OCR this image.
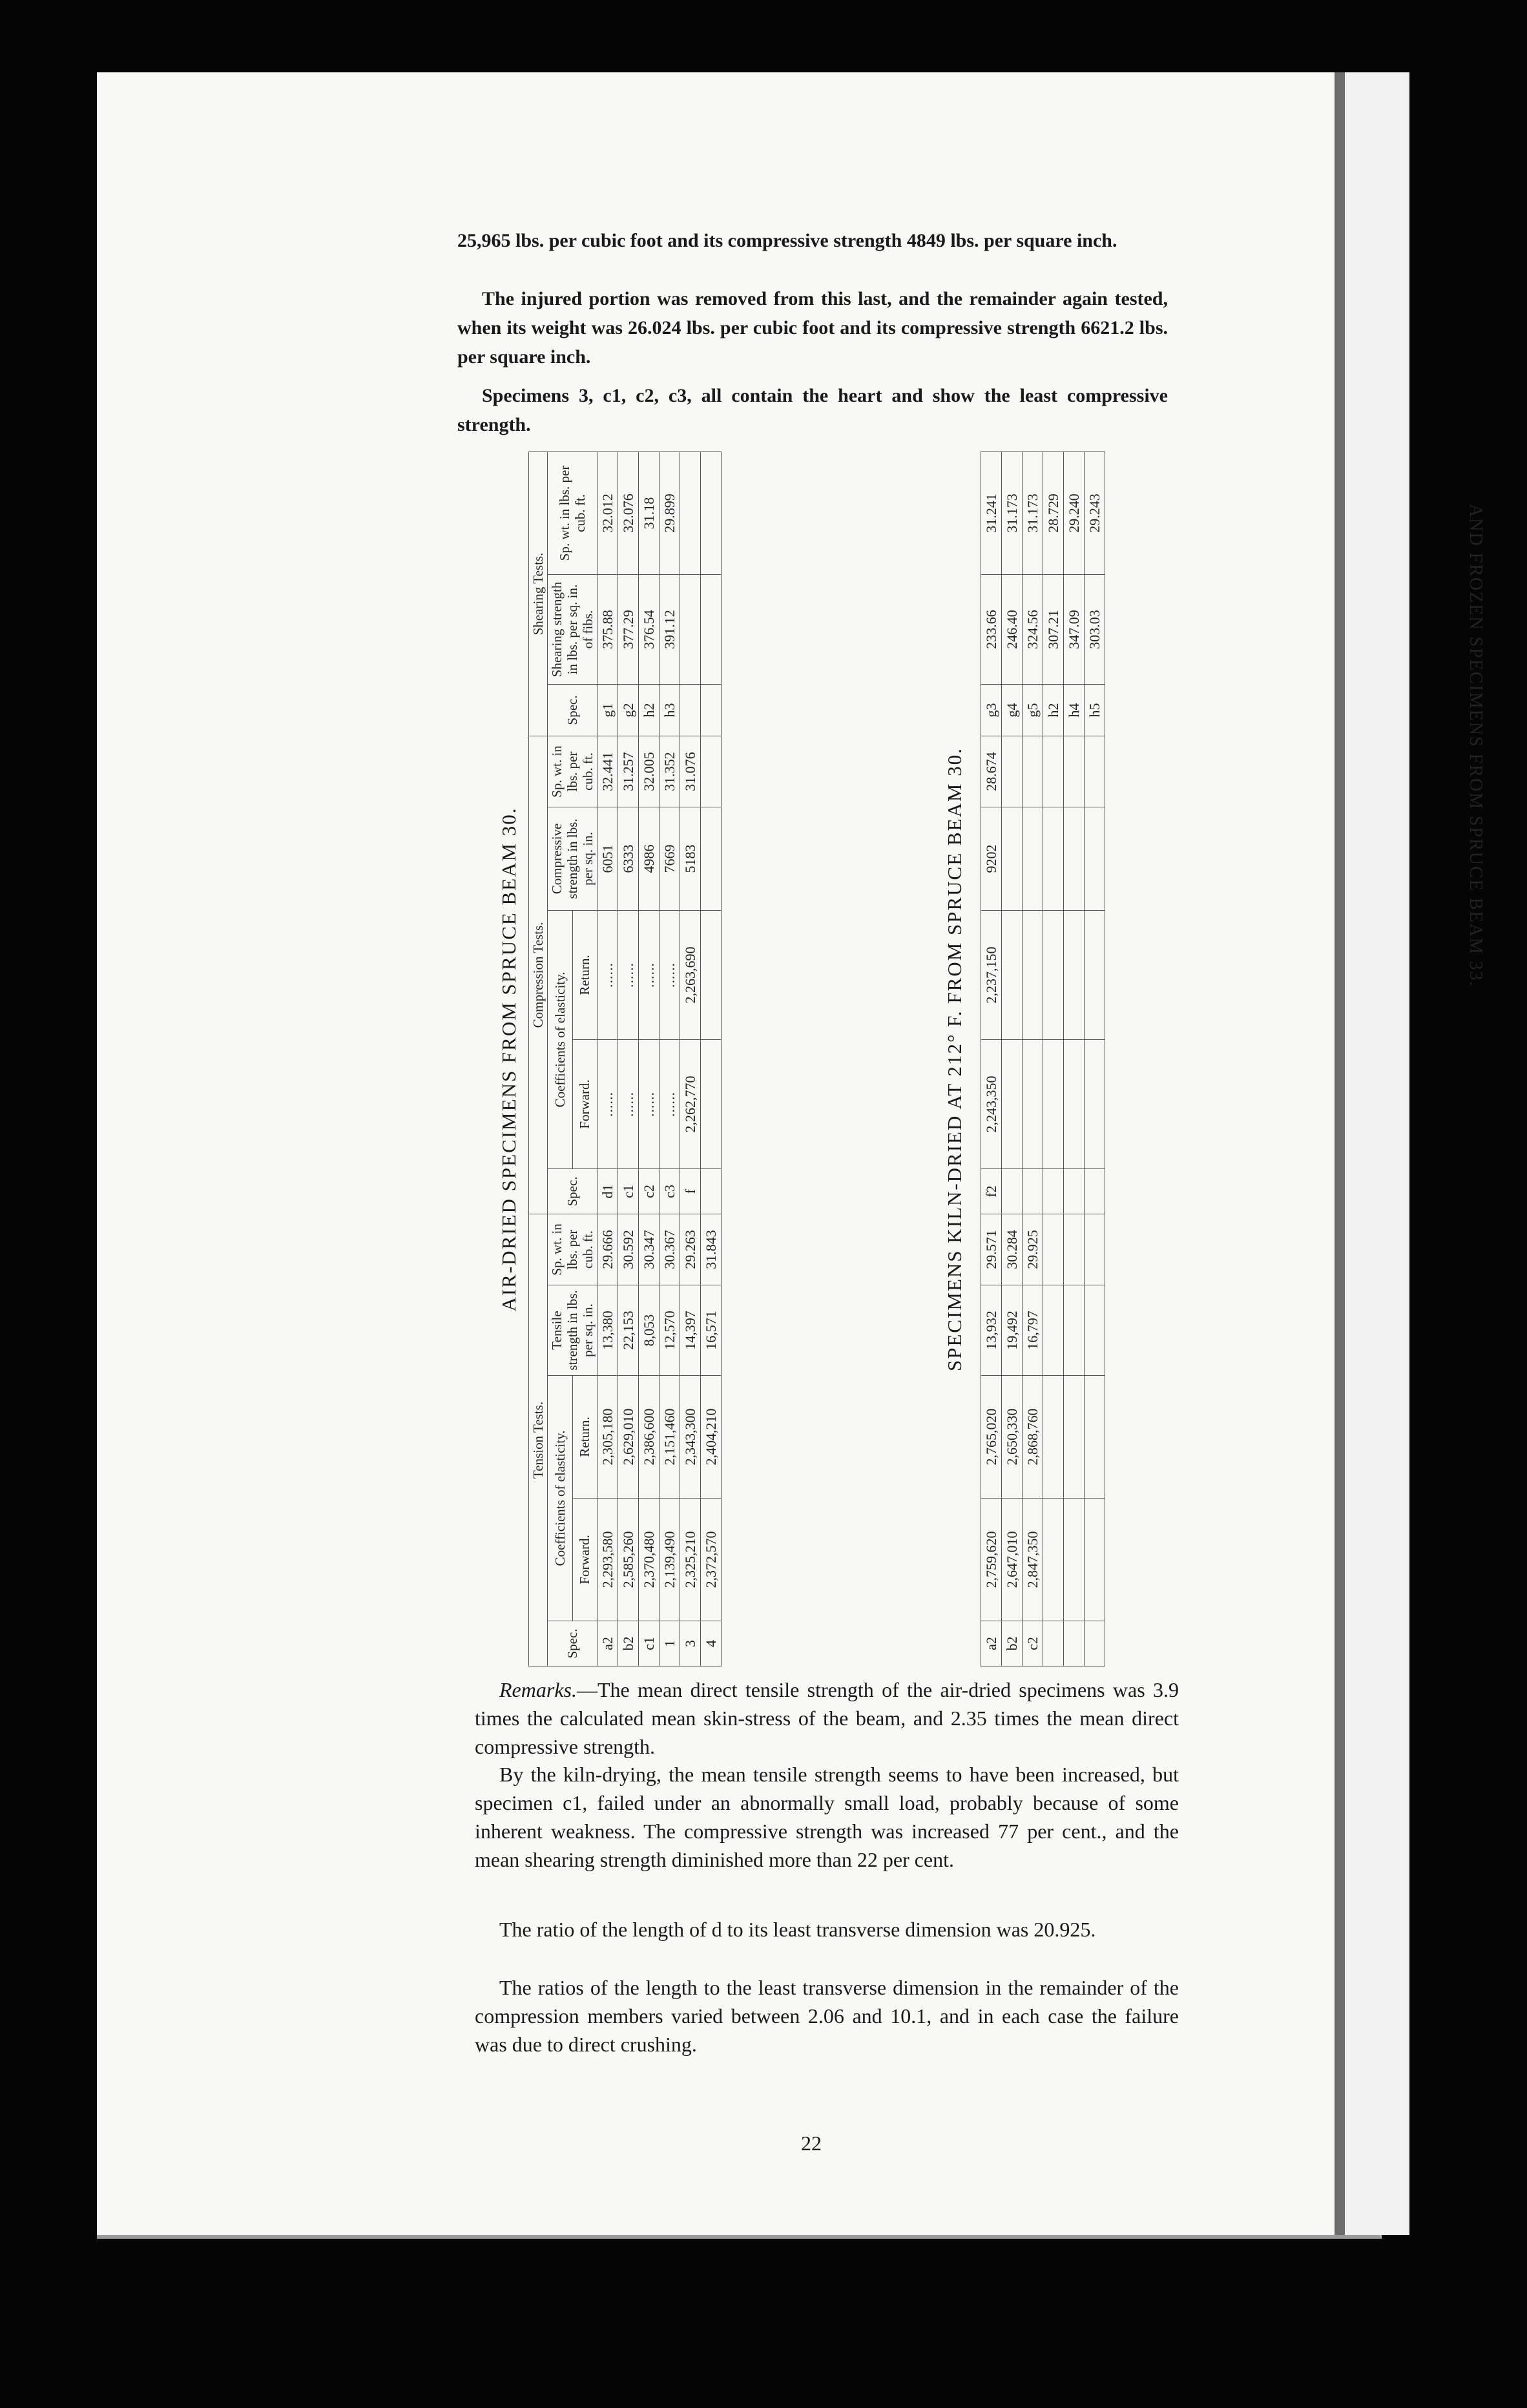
AND FROZEN SPECIMENS FROM SPRUCE BEAM 33.

25,965 lbs. per cubic foot and its compressive strength 4849 lbs. per square inch.

The injured portion was removed from this last, and the remainder again tested, when its weight was 26.024 lbs. per cubic foot and its compressive strength 6621.2 lbs. per square inch.

Specimens 3, c1, c2, c3, all contain the heart and show the least compressive strength.

AIR-DRIED SPECIMENS FROM SPRUCE BEAM 30.
Tension Tests.					Compression Tests.					Shearing Tests.		
Spec.	Coefficients of elasticity.		Tensile strength in lbs. per sq. in.	Sp. wt. in lbs. per cub. ft.	Spec.	Coefficients of elasticity.		Compressive strength in lbs. per sq. in.	Sp. wt. in lbs. per cub. ft.	Spec.	Shearing strength in lbs. per sq. in. of fibs.	Sp. wt. in lbs. per cub. ft.
	Forward.	Return.				Forward.	Return.					
a2	2,293,580	2,305,180	13,380	29.666	d1	......	......	6051	32.441	g1	375.88	32.012
b2	2,585,260	2,629,010	22,153	30.592	c1	......	......	6333	31.257	g2	377.29	32.076
c1	2,370,480	2,386,600	8,053	30.347	c2	......	......	4986	32.005	h2	376.54	31.18
1	2,139,490	2,151,460	12,570	30.367	c3	......	......	7669	31.352	h3	391.12	29.899
3	2,325,210	2,343,300	14,397	29.263	f	2,262,770	2,263,690	5183	31.076			
4	2,372,570	2,404,210	16,571	31.843									SPECIMENS KILN-DRIED AT 212° F. FROM SPRUCE BEAM 30.
a2	2,759,620	2,765,020	13,932	29.571	f2	2,243,350	2,237,150	9202	28.674	g3	233.66	31.241
b2	2,647,010	2,650,330	19,492	30.284						g4	246.40	31.173
c2	2,847,350	2,868,760	16,797	29.925						g5	324.56	31.173
										h2	307.21	28.729
										h4	347.09	29.240
										h5	303.03	29.243

Remarks.—The mean direct tensile strength of the air-dried specimens was 3.9 times the calculated mean skin-stress of the beam, and 2.35 times the mean direct compressive strength.

By the kiln-drying, the mean tensile strength seems to have been increased, but specimen c1, failed under an abnormally small load, probably because of some inherent weakness. The compressive strength was increased 77 per cent., and the mean shearing strength diminished more than 22 per cent.

The ratio of the length of d to its least transverse dimension was 20.925.

The ratios of the length to the least transverse dimension in the remainder of the compression members varied between 2.06 and 10.1, and in each case the failure was due to direct crushing.

22
